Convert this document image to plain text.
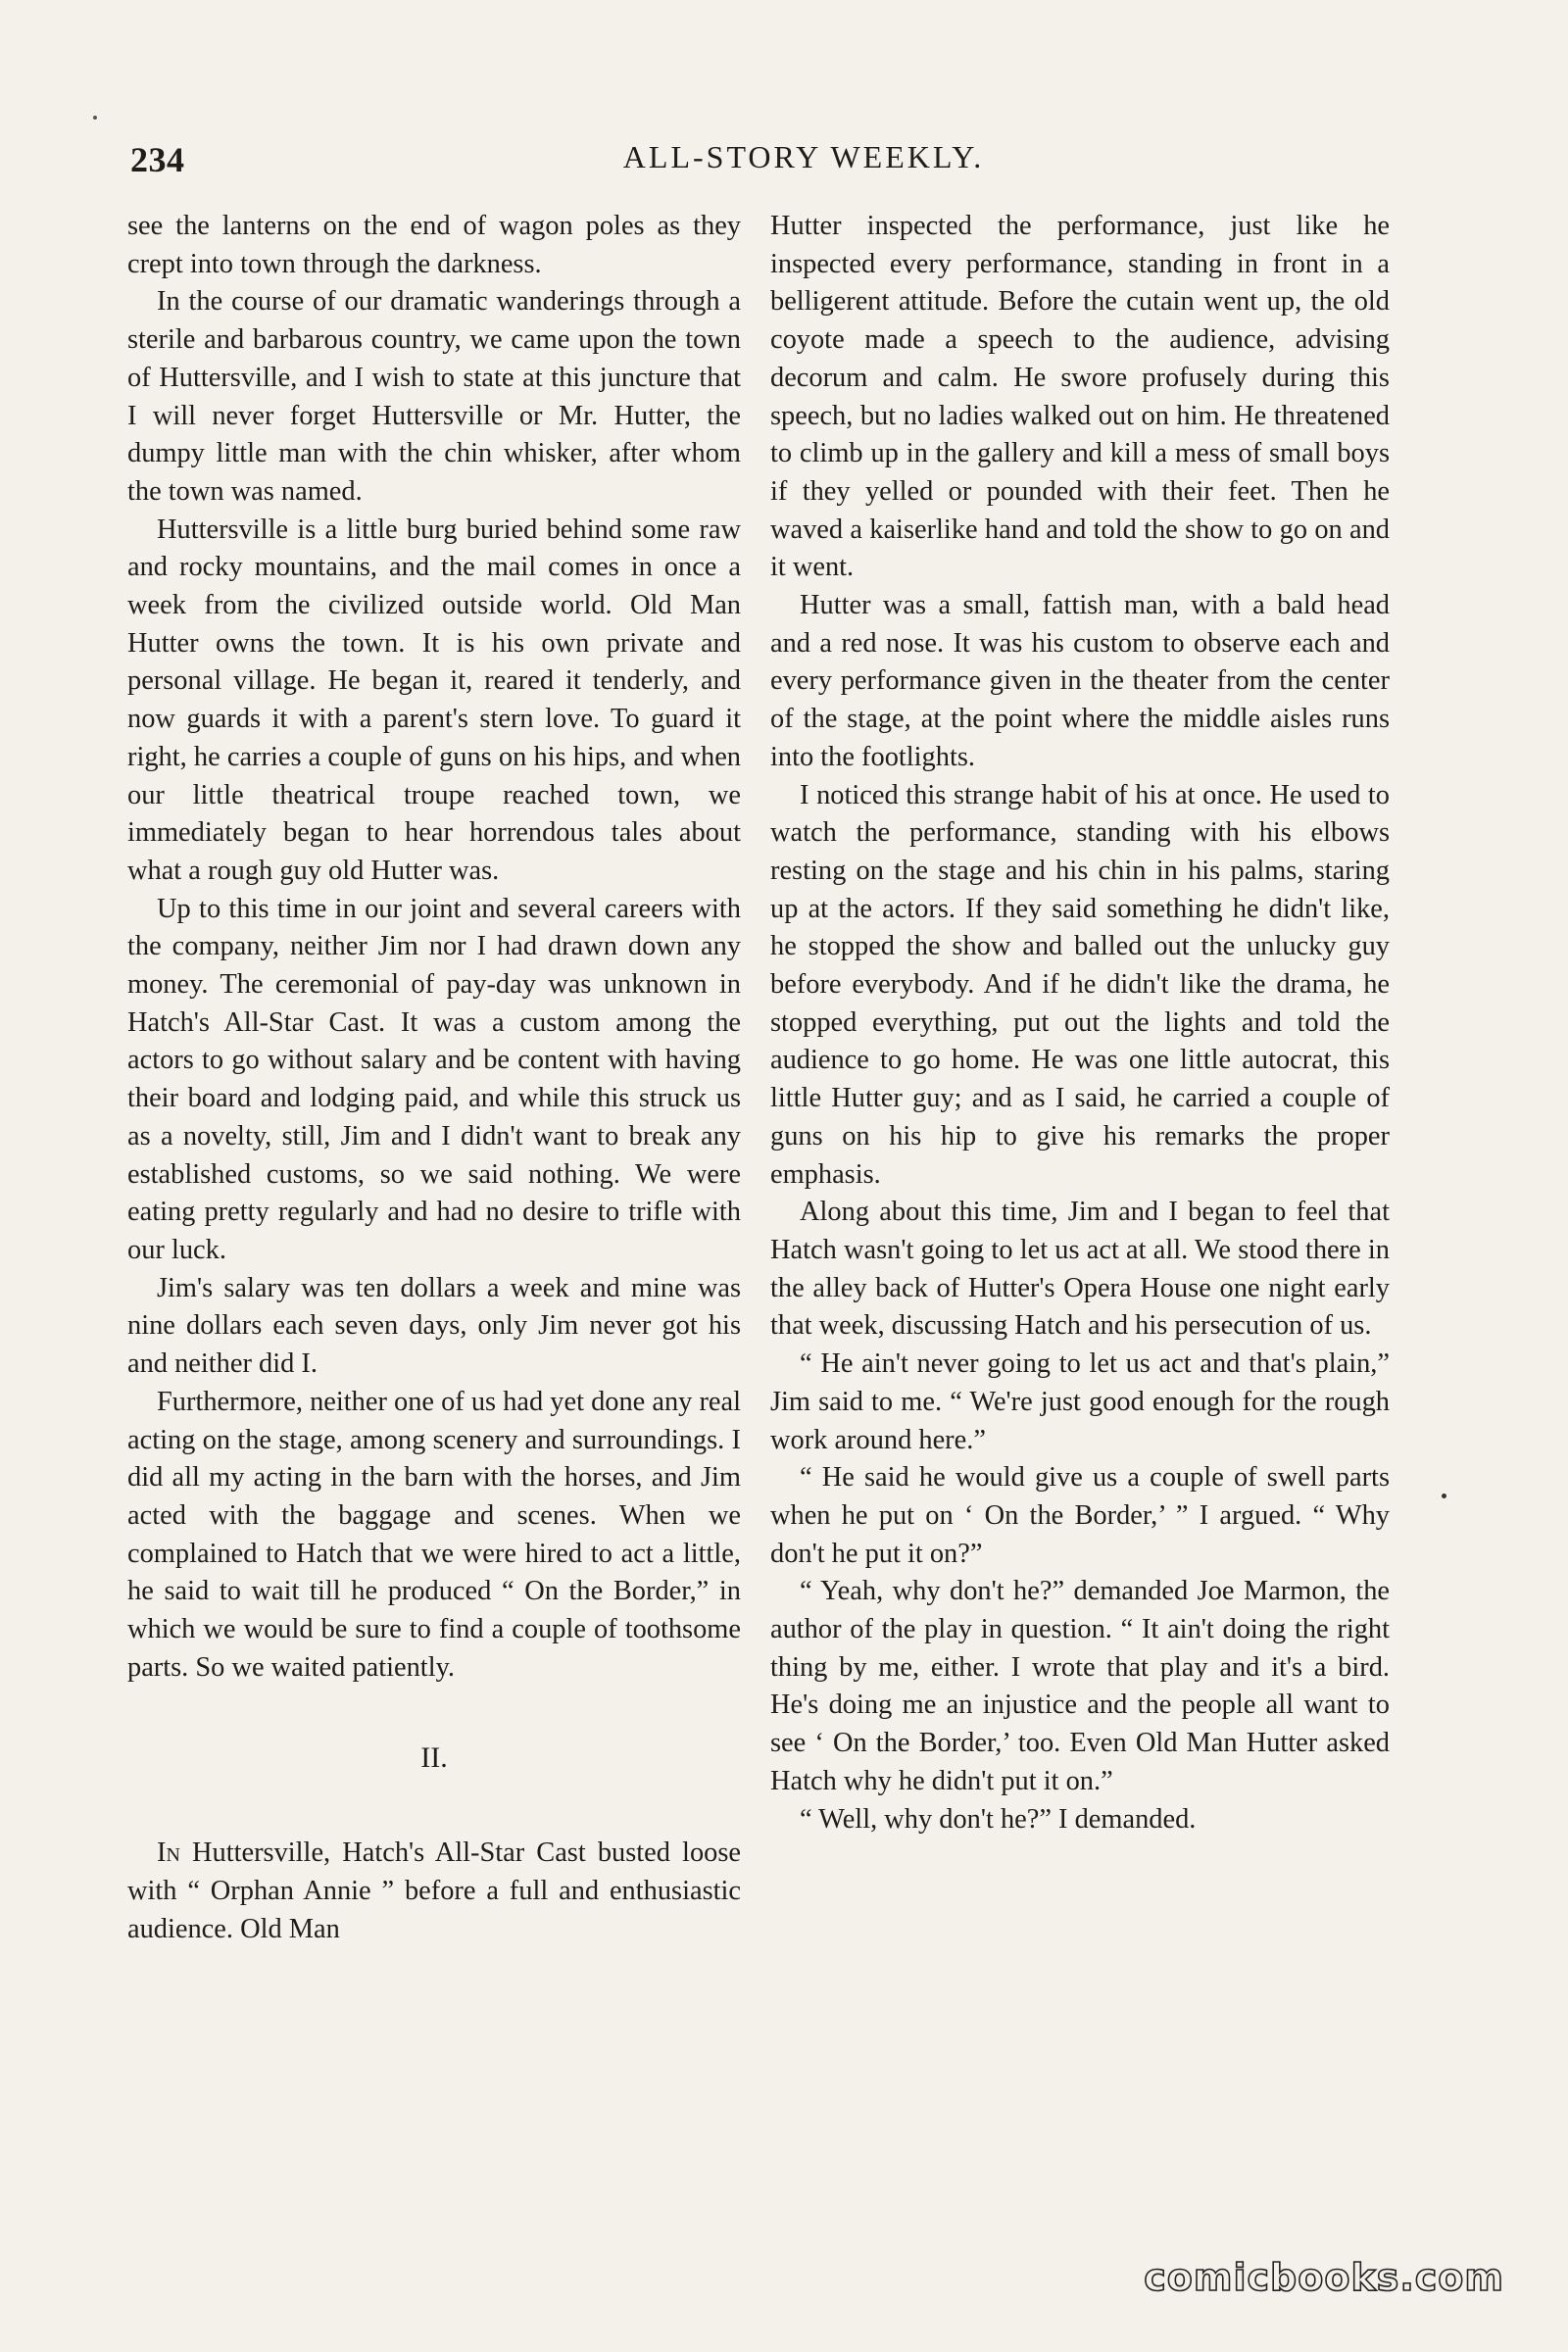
234	ALL-STORY WEEKLY.

see the lanterns on the end of wagon poles as they crept into town through the darkness.

In the course of our dramatic wanderings through a sterile and barbarous country, we came upon the town of Huttersville, and I wish to state at this juncture that I will never forget Huttersville or Mr. Hutter, the dumpy little man with the chin whisker, after whom the town was named.

Huttersville is a little burg buried behind some raw and rocky mountains, and the mail comes in once a week from the civilized outside world. Old Man Hutter owns the town. It is his own private and personal village. He began it, reared it tenderly, and now guards it with a parent's stern love. To guard it right, he carries a couple of guns on his hips, and when our little theatrical troupe reached town, we immediately began to hear horrendous tales about what a rough guy old Hutter was.

Up to this time in our joint and several careers with the company, neither Jim nor I had drawn down any money. The ceremonial of pay-day was unknown in Hatch's All-Star Cast. It was a custom among the actors to go without salary and be content with having their board and lodging paid, and while this struck us as a novelty, still, Jim and I didn't want to break any established customs, so we said nothing. We were eating pretty regularly and had no desire to trifle with our luck.

Jim's salary was ten dollars a week and mine was nine dollars each seven days, only Jim never got his and neither did I.

Furthermore, neither one of us had yet done any real acting on the stage, among scenery and surroundings. I did all my acting in the barn with the horses, and Jim acted with the baggage and scenes. When we complained to Hatch that we were hired to act a little, he said to wait till he produced “ On the Border,” in which we would be sure to find a couple of toothsome parts. So we waited patiently.

II.

In Huttersville, Hatch's All-Star Cast busted loose with “ Orphan Annie ” before a full and enthusiastic audience. Old Man

Hutter inspected the performance, just like he inspected every performance, standing in front in a belligerent attitude. Before the cutain went up, the old coyote made a speech to the audience, advising decorum and calm. He swore profusely during this speech, but no ladies walked out on him. He threatened to climb up in the gallery and kill a mess of small boys if they yelled or pounded with their feet. Then he waved a kaiserlike hand and told the show to go on and it went.

Hutter was a small, fattish man, with a bald head and a red nose. It was his custom to observe each and every performance given in the theater from the center of the stage, at the point where the middle aisles runs into the footlights.

I noticed this strange habit of his at once. He used to watch the performance, standing with his elbows resting on the stage and his chin in his palms, staring up at the actors. If they said something he didn't like, he stopped the show and balled out the unlucky guy before everybody. And if he didn't like the drama, he stopped everything, put out the lights and told the audience to go home. He was one little autocrat, this little Hutter guy; and as I said, he carried a couple of guns on his hip to give his remarks the proper emphasis.

Along about this time, Jim and I began to feel that Hatch wasn't going to let us act at all. We stood there in the alley back of Hutter's Opera House one night early that week, discussing Hatch and his persecution of us.

“ He ain't never going to let us act and that's plain,” Jim said to me. “ We're just good enough for the rough work around here.”

“ He said he would give us a couple of swell parts when he put on ‘ On the Border,’ ” I argued. “ Why don't he put it on?”

“ Yeah, why don't he?” demanded Joe Marmon, the author of the play in question. “ It ain't doing the right thing by me, either. I wrote that play and it's a bird. He's doing me an injustice and the people all want to see ‘ On the Border,’ too. Even Old Man Hutter asked Hatch why he didn't put it on.”

“ Well, why don't he?” I demanded.

comicbooks.com
